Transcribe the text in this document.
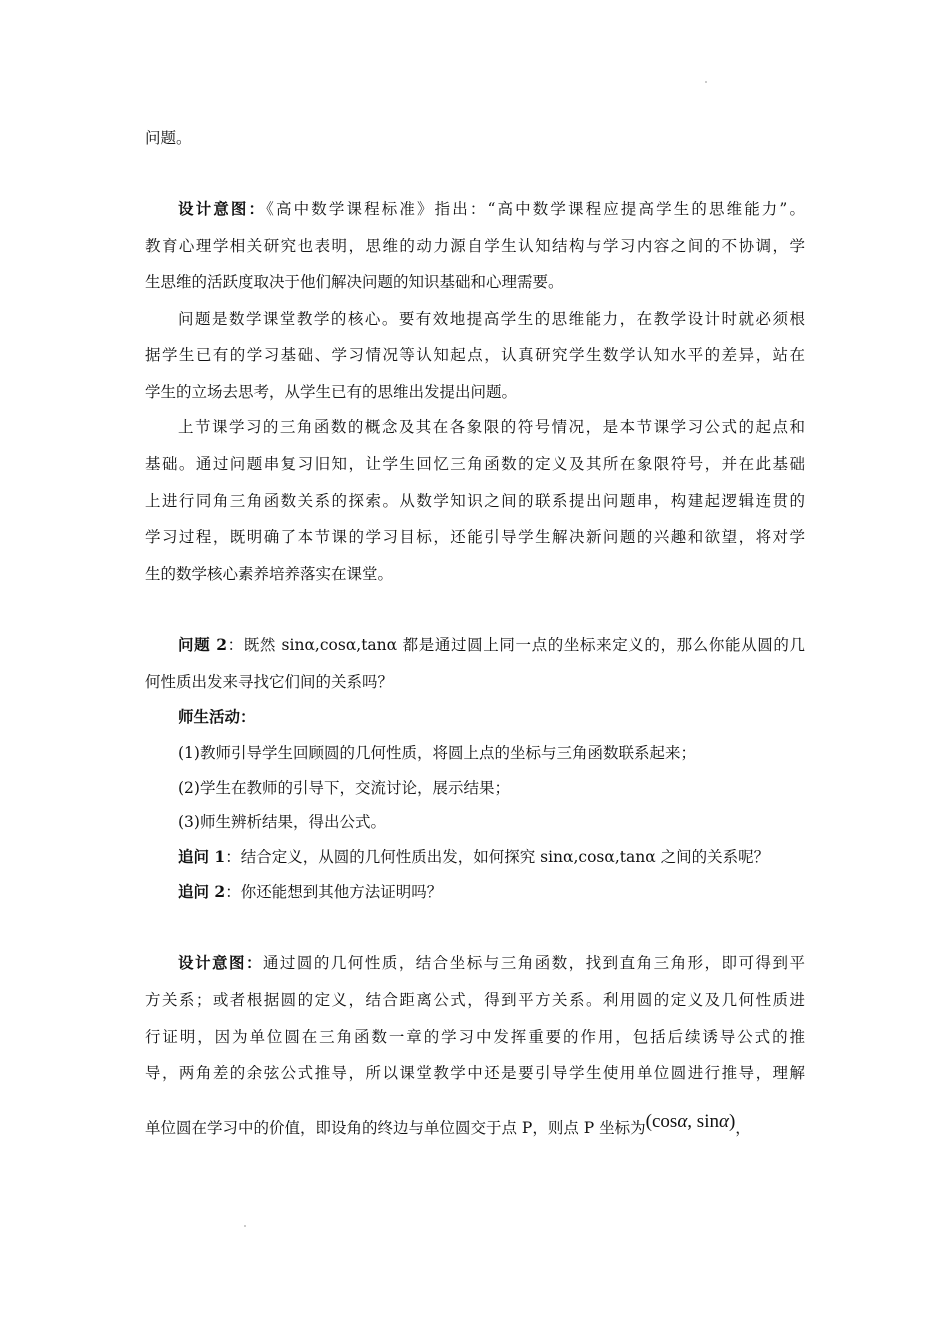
问题。
设计意图：《高中数学课程标准》指出：“高中数学课程应提高学生的思维能力”。
教育心理学相关研究也表明，思维的动力源自学生认知结构与学习内容之间的不协调，学
生思维的活跃度取决于他们解决问题的知识基础和心理需要。
问题是数学课堂教学的核心。要有效地提高学生的思维能力，在教学设计时就必须根
据学生已有的学习基础、学习情况等认知起点，认真研究学生数学认知水平的差异，站在
学生的立场去思考，从学生已有的思维出发提出问题。
上节课学习的三角函数的概念及其在各象限的符号情况，是本节课学习公式的起点和
基础。通过问题串复习旧知，让学生回忆三角函数的定义及其所在象限符号，并在此基础
上进行同角三角函数关系的探索。从数学知识之间的联系提出问题串，构建起逻辑连贯的
学习过程，既明确了本节课的学习目标，还能引导学生解决新问题的兴趣和欲望，将对学
生的数学核心素养培养落实在课堂。
问题 2：既然 sinα,cosα,tanα 都是通过圆上同一点的坐标来定义的，那么你能从圆的几
何性质出发来寻找它们间的关系吗？
师生活动：
(1)教师引导学生回顾圆的几何性质，将圆上点的坐标与三角函数联系起来；
(2)学生在教师的引导下，交流讨论，展示结果；
(3)师生辨析结果，得出公式。
追问 1：结合定义，从圆的几何性质出发，如何探究 sinα,cosα,tanα 之间的关系呢？
追问 2：你还能想到其他方法证明吗？
设计意图：通过圆的几何性质，结合坐标与三角函数，找到直角三角形，即可得到平
方关系；或者根据圆的定义，结合距离公式，得到平方关系。利用圆的定义及几何性质进
行证明，因为单位圆在三角函数一章的学习中发挥重要的作用，包括后续诱导公式的推
导，两角差的余弦公式推导，所以课堂教学中还是要引导学生使用单位圆进行推导，理解
单位圆在学习中的价值，即设角的终边与单位圆交于点 P，则点 P 坐标为(cosα, sinα)，
